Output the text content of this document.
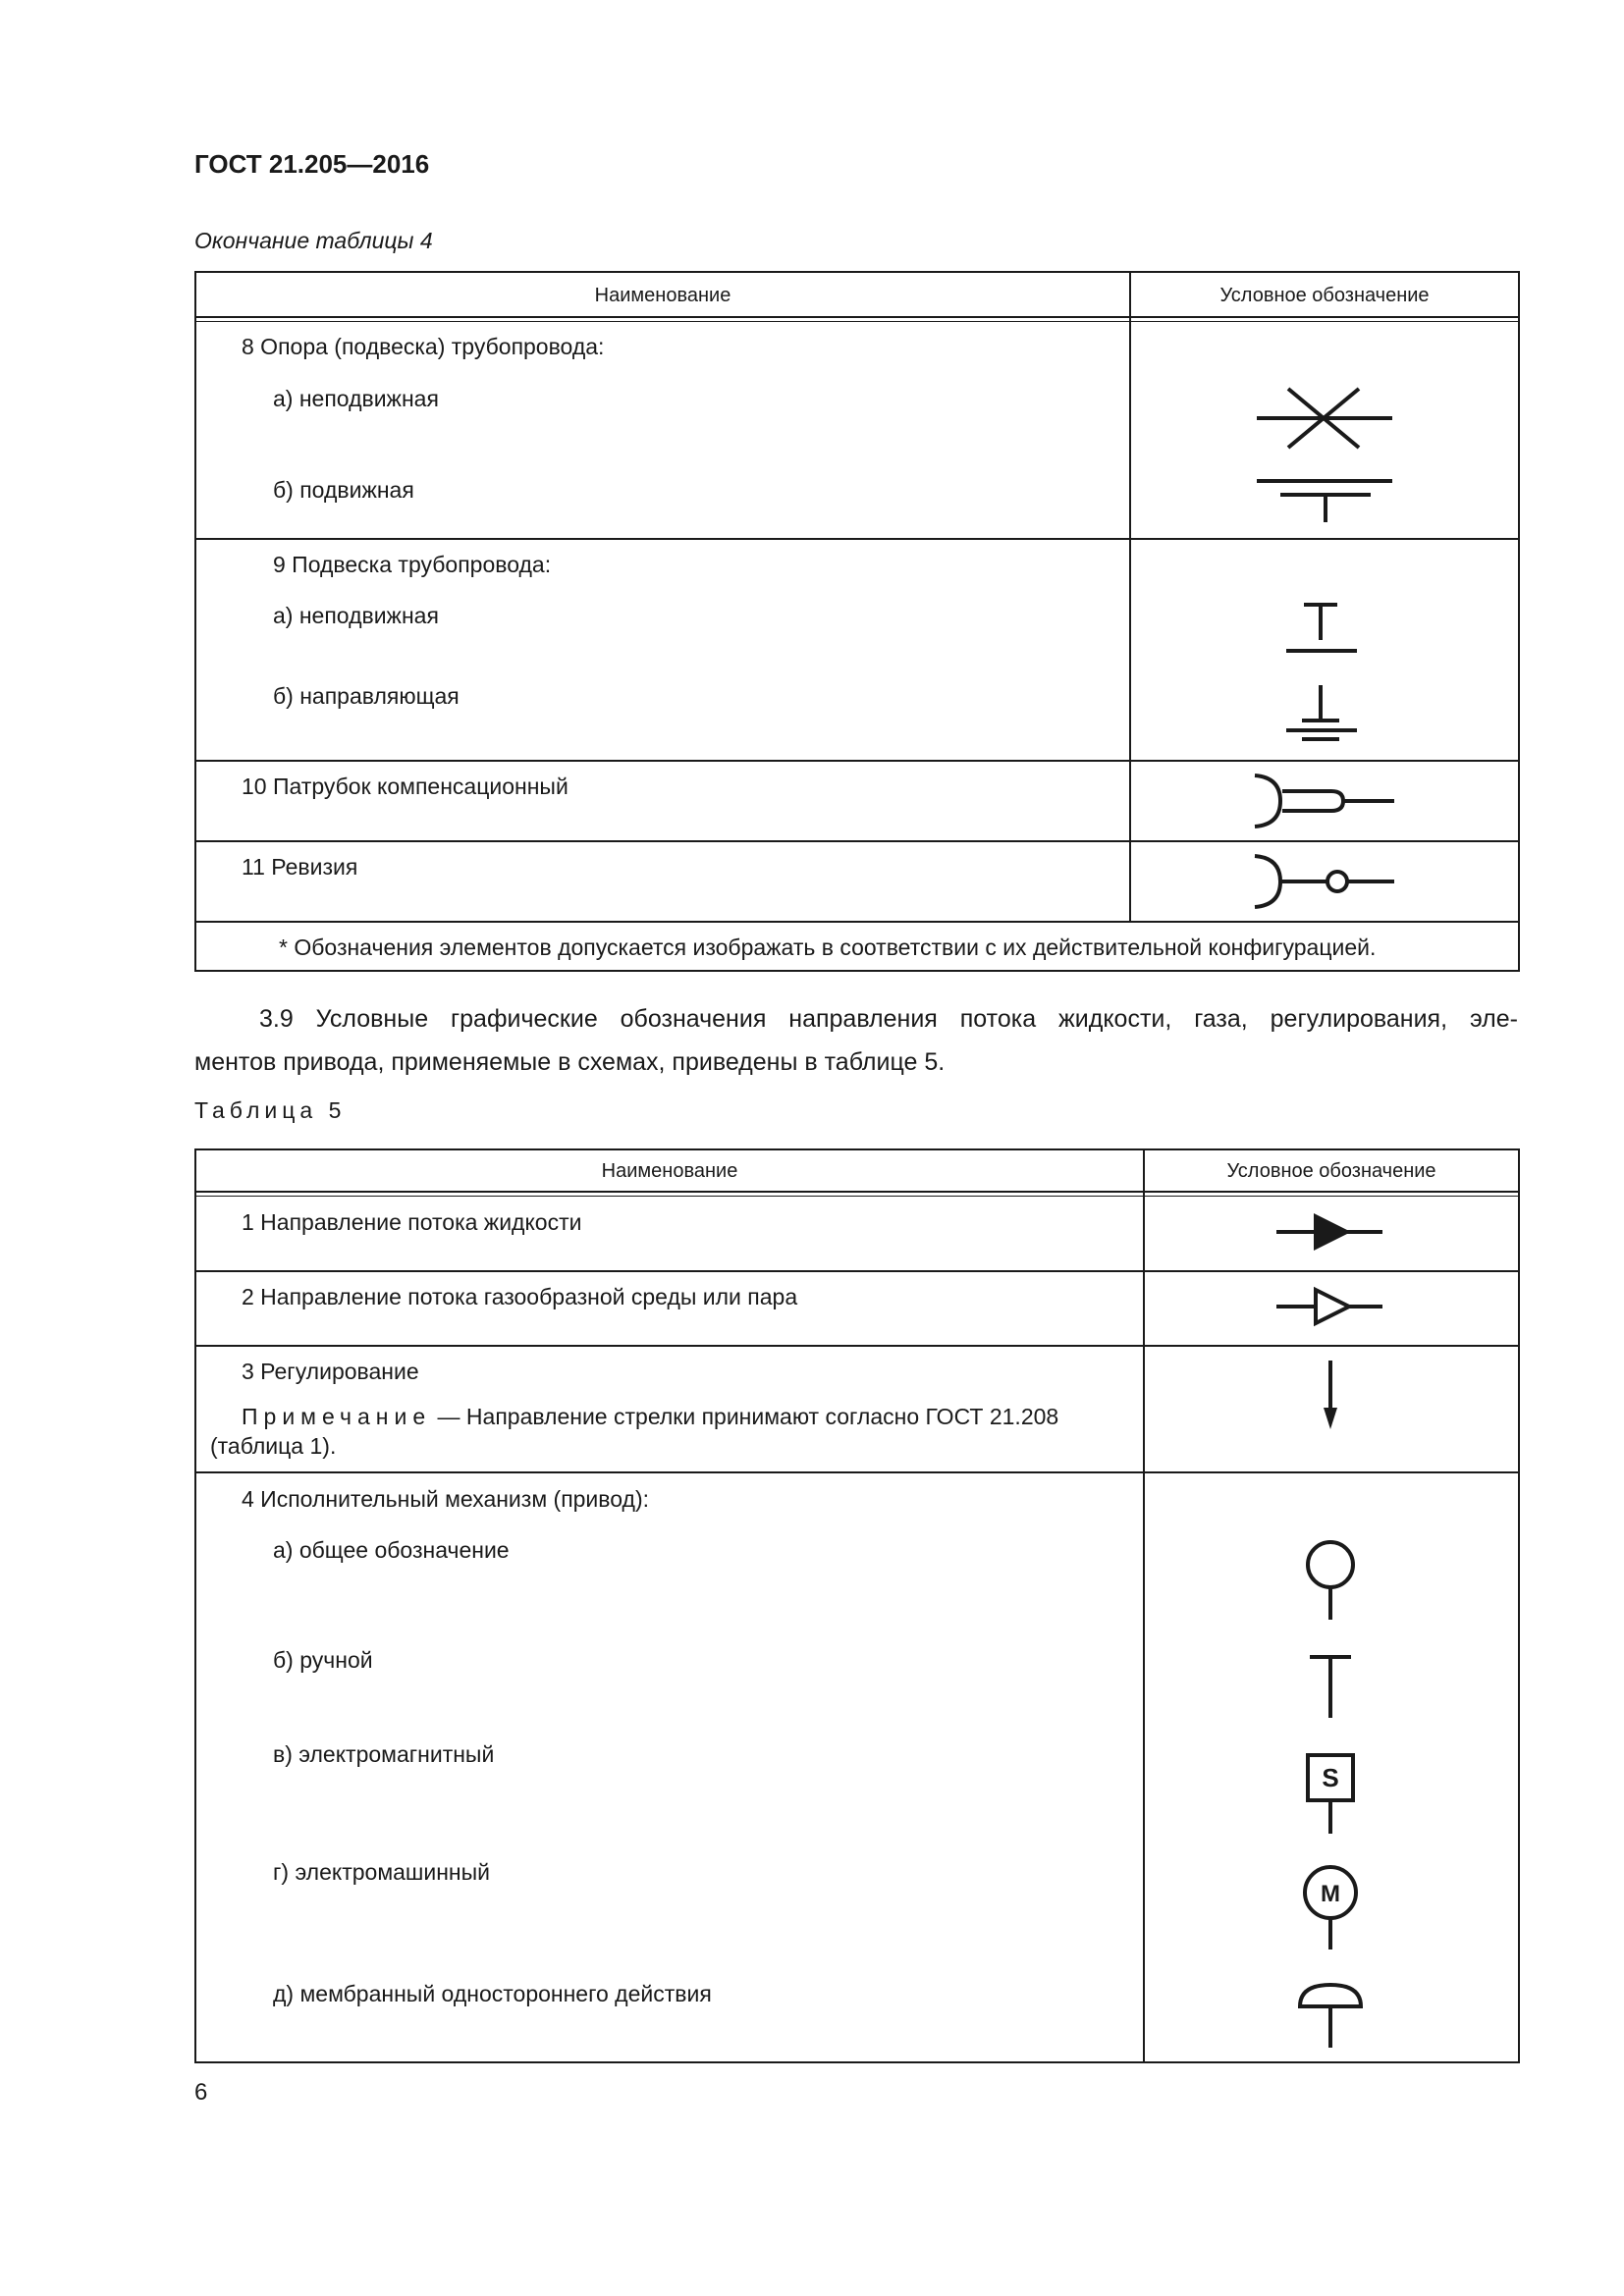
ГОСТ 21.205—2016
Окончание таблицы 4
Наименование	Условное обозначение
8 Опора (подвеска) трубопровода:
а) неподвижная
б) подвижная
9 Подвеска трубопровода:
а) неподвижная
б) направляющая
10 Патрубок компенсационный
11 Ревизия
* Обозначения элементов допускается изображать в соответствии с их действительной конфигурацией.
3.9 Условные графические обозначения направления потока жидкости, газа, регулирования, эле-
ментов привода, применяемые в схемах, приведены в таблице 5.
Таблица 5
Наименование	Условное обозначение
1 Направление потока жидкости
2 Направление потока газообразной среды или пара
3 Регулирование
Примечание — Направление стрелки принимают согласно ГОСТ 21.208
(таблица 1).
4 Исполнительный механизм (привод):
а) общее обозначение
б) ручной
в) электромагнитный
г) электромашинный
д) мембранный одностороннего действия
S
M
6
